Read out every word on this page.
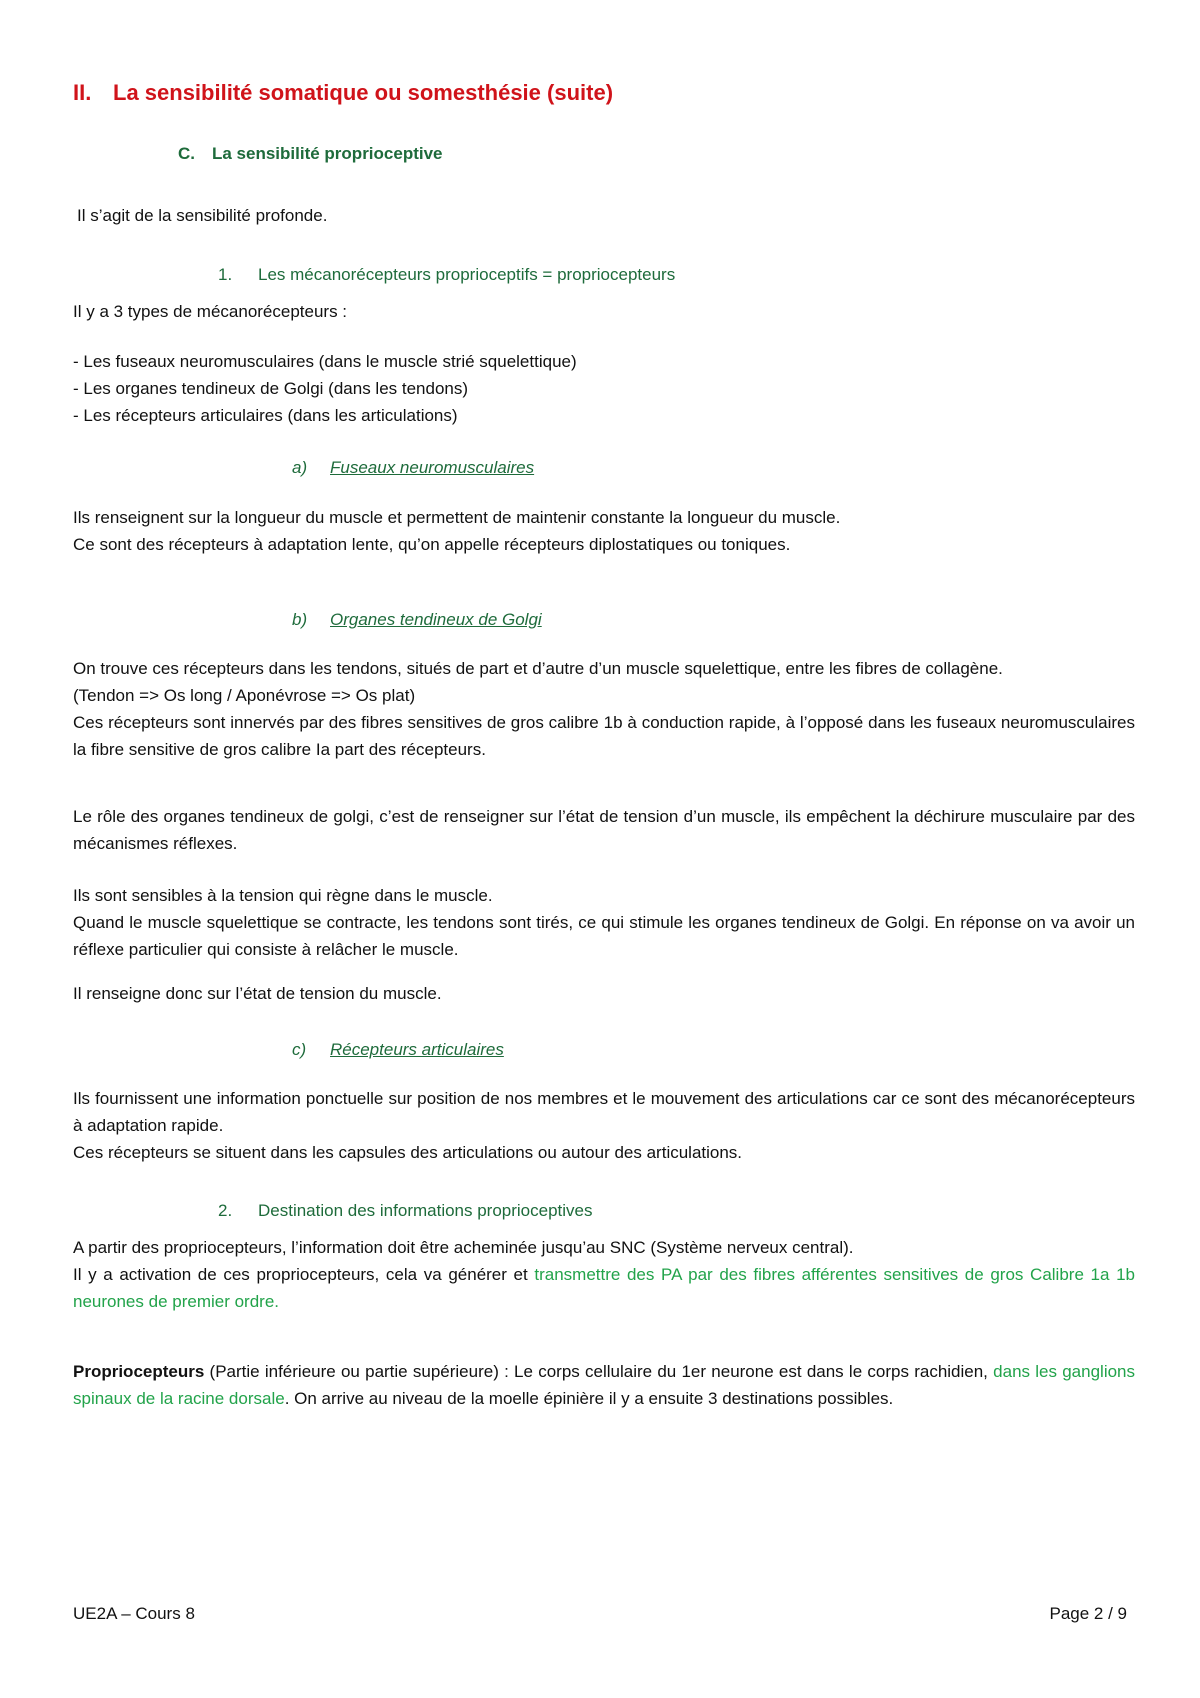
II. La sensibilité somatique ou somesthésie (suite)
C. La sensibilité proprioceptive

Il s’agit de la sensibilité profonde.

1. Les mécanorécepteurs proprioceptifs = propriocepteurs

Il y a 3 types de mécanorécepteurs :

- Les fuseaux neuromusculaires (dans le muscle strié squelettique)
- Les organes tendineux de Golgi (dans les tendons)
- Les récepteurs articulaires (dans les articulations)
a) Fuseaux neuromusculaires
Ils renseignent sur la longueur du muscle et permettent de maintenir constante la longueur du muscle.
Ce sont des récepteurs à adaptation lente, qu’on appelle récepteurs diplostatiques ou toniques.
b) Organes tendineux de Golgi
On trouve ces récepteurs dans les tendons, situés de part et d’autre d’un muscle squelettique, entre les fibres de collagène.
(Tendon => Os long / Aponévrose => Os plat)
Ces récepteurs sont innervés par des fibres sensitives de gros calibre 1b à conduction rapide, à l’opposé dans les fuseaux neuromusculaires la fibre sensitive de gros calibre Ia part des récepteurs.

Le rôle des organes tendineux de golgi, c’est de renseigner sur l’état de tension d’un muscle, ils empêchent la déchirure musculaire par des mécanismes réflexes.

Ils sont sensibles à la tension qui règne dans le muscle.
Quand le muscle squelettique se contracte, les tendons sont tirés, ce qui stimule les organes tendineux de Golgi. En réponse on va avoir un réflexe particulier qui consiste à relâcher le muscle.

Il renseigne donc sur l’état de tension du muscle.

c) Récepteurs articulaires
Ils fournissent une information ponctuelle sur position de nos membres et le mouvement des articulations car ce sont des mécanorécepteurs à adaptation rapide.
Ces récepteurs se situent dans les capsules des articulations ou autour des articulations.
2. Destination des informations proprioceptives
A partir des propriocepteurs, l’information doit être acheminée jusqu’au SNC (Système nerveux central).
Il y a activation de ces propriocepteurs, cela va générer et transmettre des PA par des fibres afférentes sensitives de gros Calibre 1a 1b neurones de premier ordre.

Propriocepteurs (Partie inférieure ou partie supérieure) : Le corps cellulaire du 1er neurone est dans le corps rachidien, dans les ganglions spinaux de la racine dorsale. On arrive au niveau de la moelle épinière il y a ensuite 3 destinations possibles.

UE2A – Cours 8	Page 2 / 9
